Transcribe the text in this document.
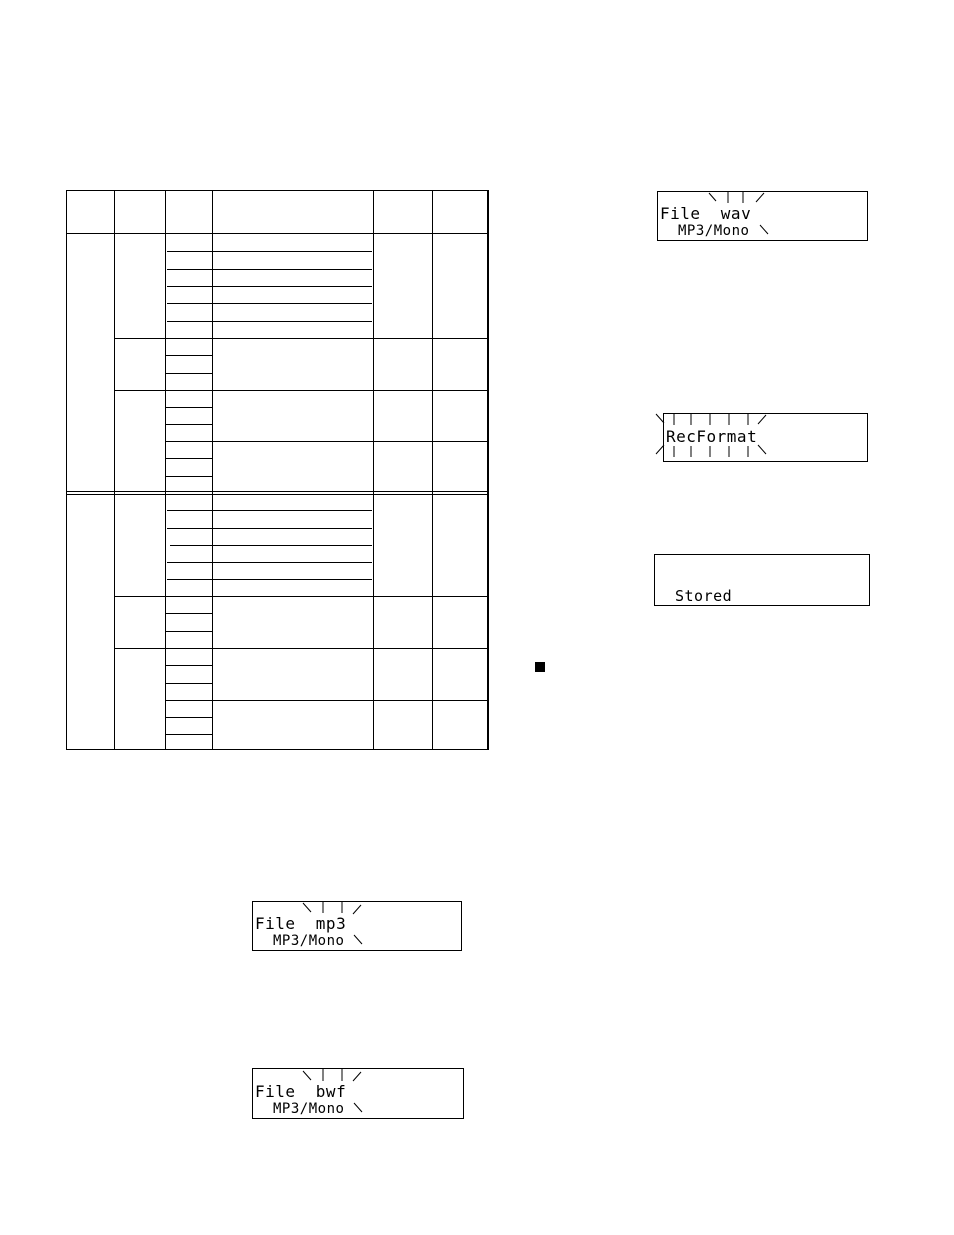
File wav
MP3/Mono
RecFormat
Stored
File mp3
MP3/Mono
File bwf
MP3/Mono
